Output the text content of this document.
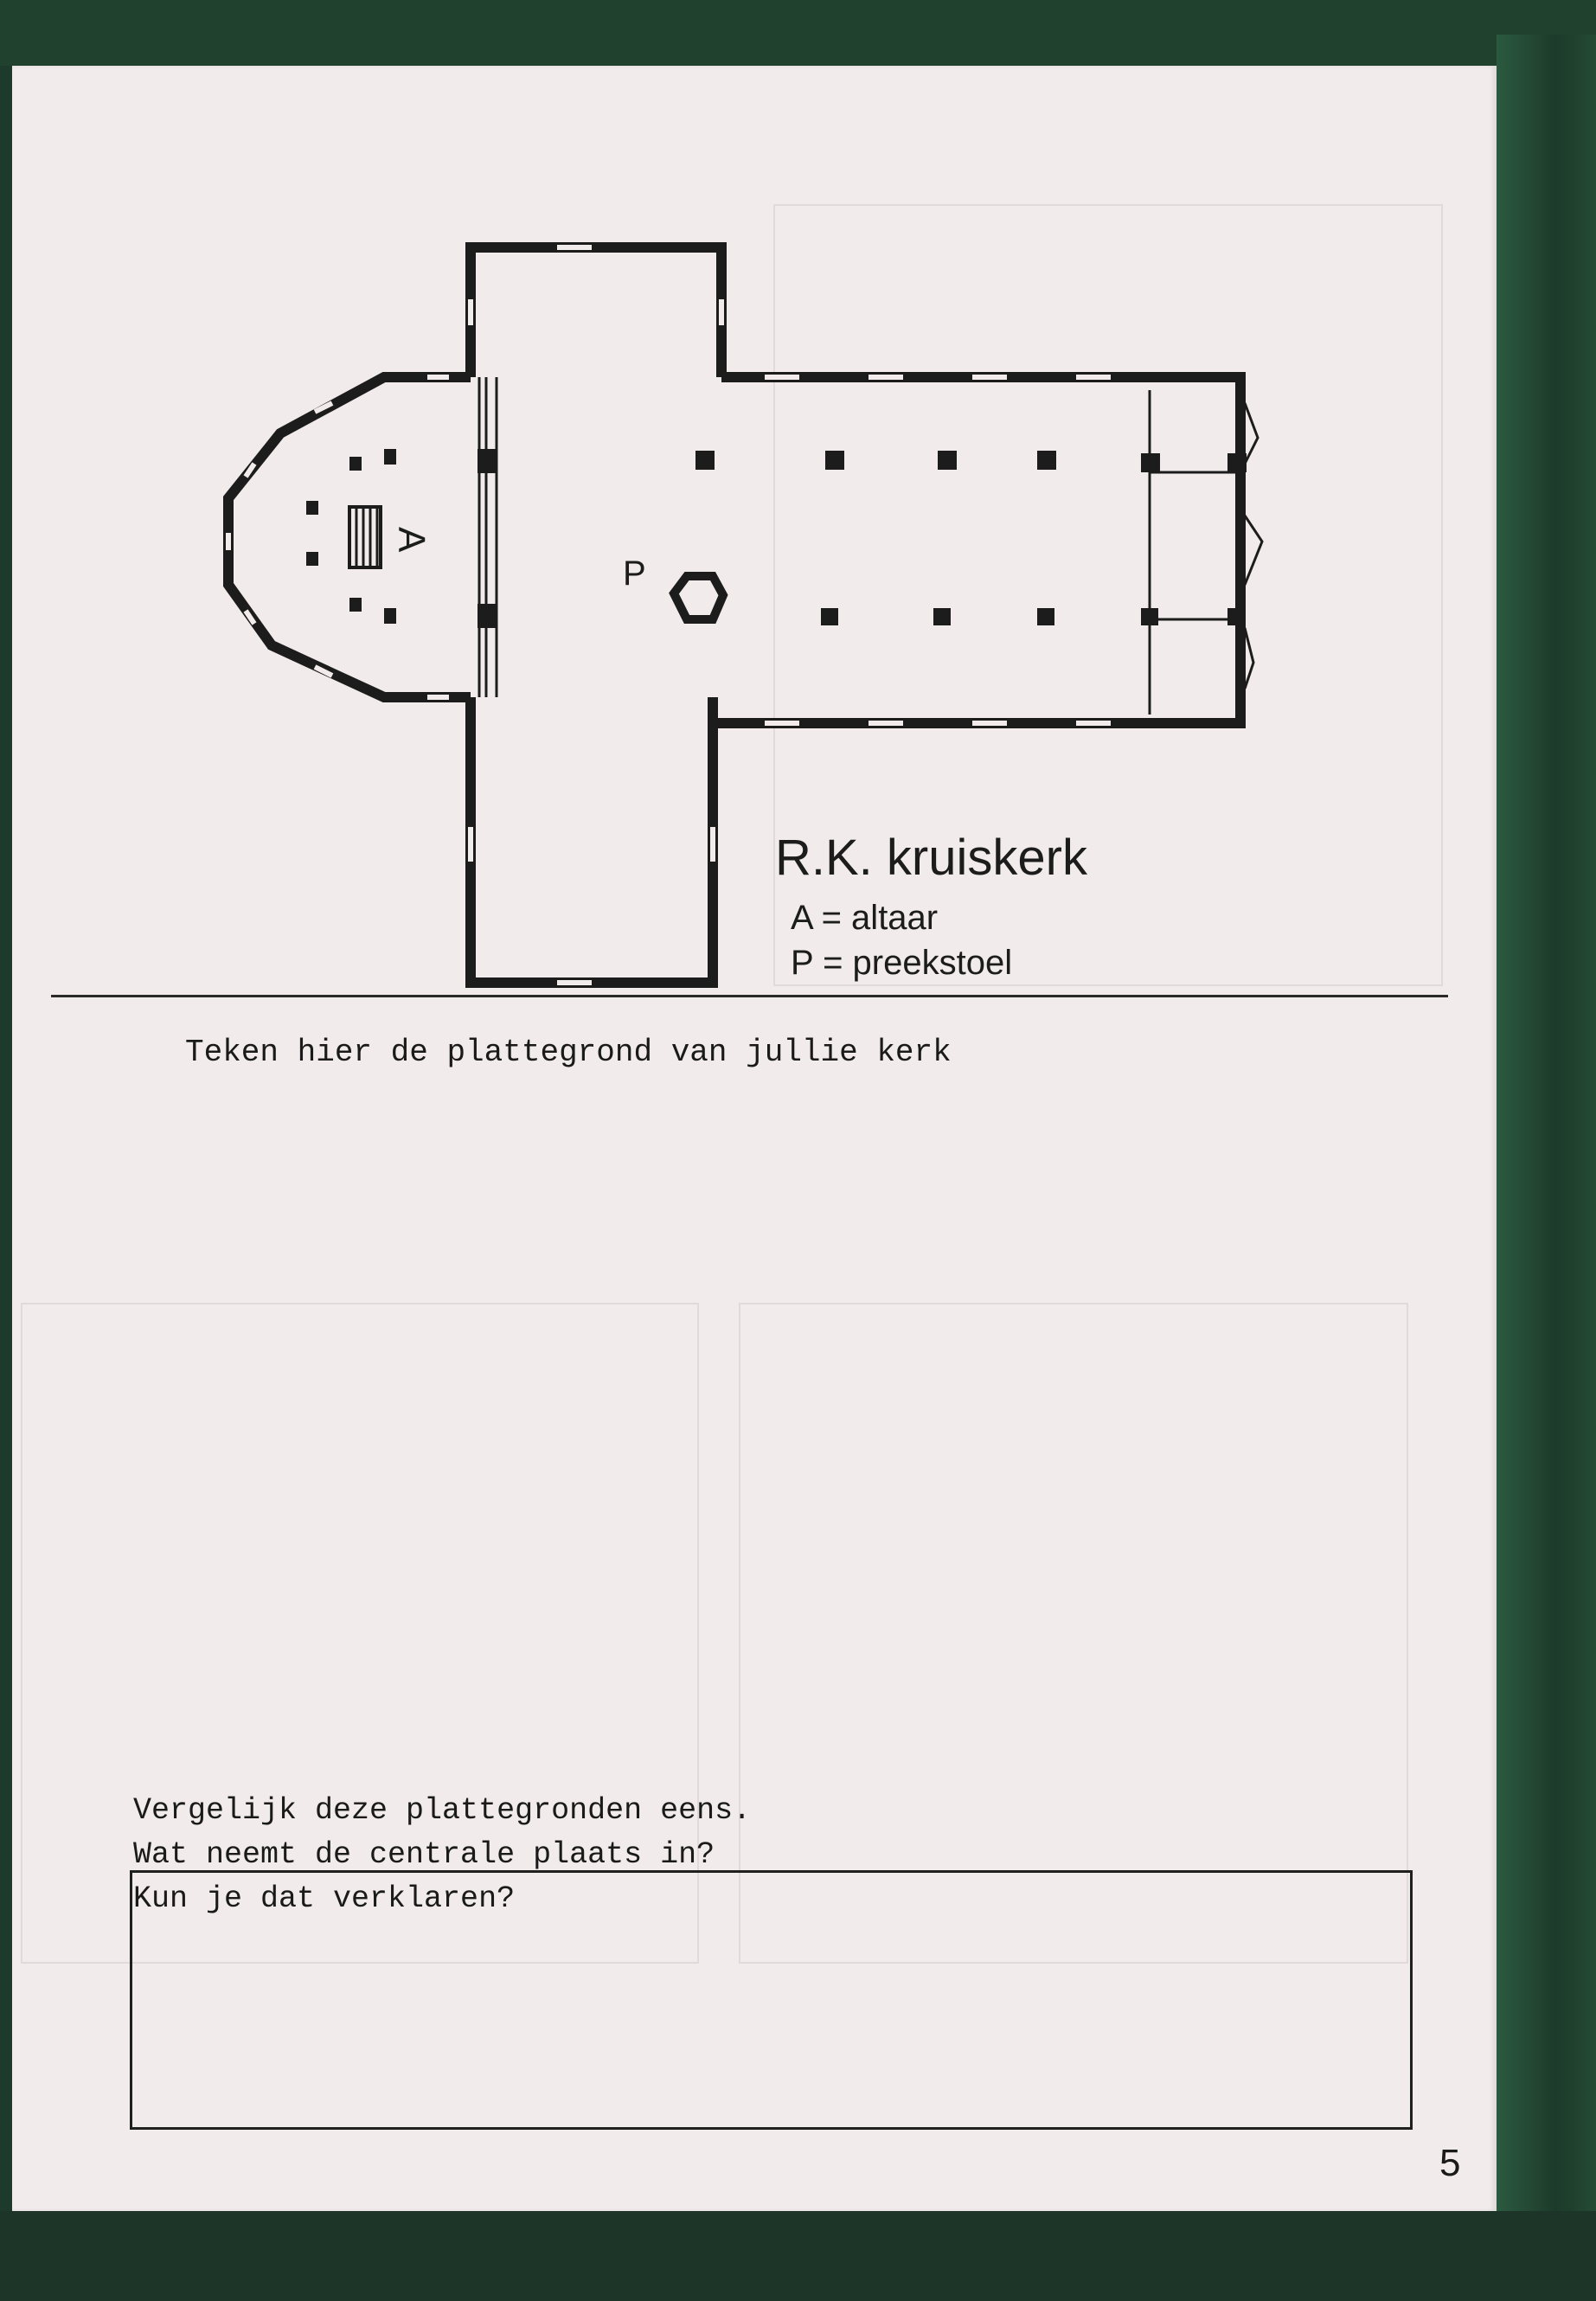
A
P
R.K. kruiskerk
A = altaar
P = preekstoel

Teken hier de plattegrond van jullie kerk

Vergelijk deze plattegronden eens.

Wat neemt de centrale plaats in?

Kun je dat verklaren?

5
